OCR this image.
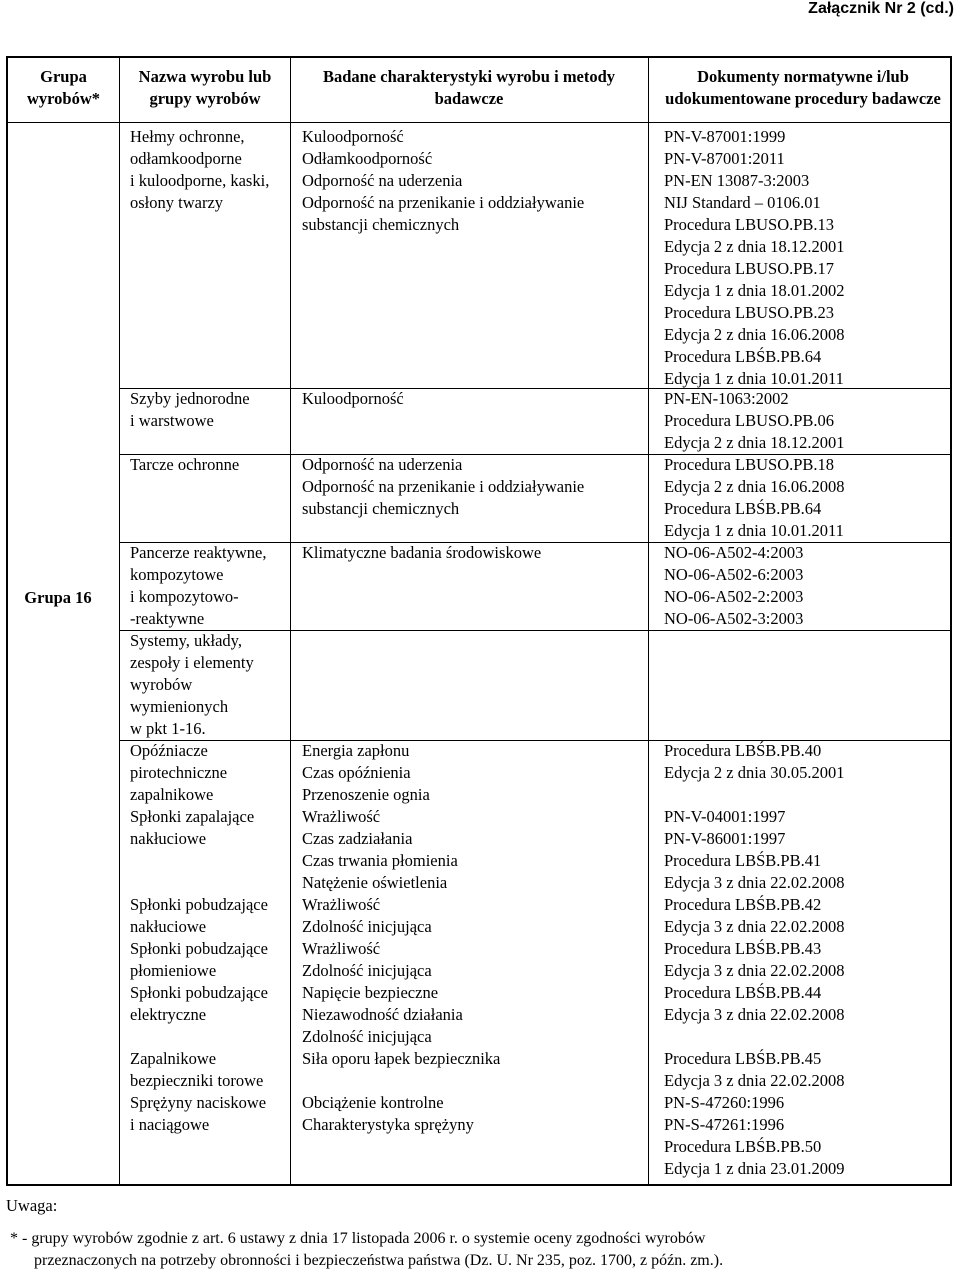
Załącznik Nr 2 (cd.)
Grupa wyrobów*
Nazwa wyrobu lub grupy wyrobów
Badane charakterystyki wyrobu i metody badawcze
Dokumenty normatywne i/lub udokumentowane procedury badawcze
Grupa 16
Hełmy ochronne,
odłamkoodporne
i kuloodporne, kaski,
osłony twarzy
Szyby jednorodne
i warstwowe
Tarcze ochronne
Pancerze reaktywne,
kompozytowe
i kompozytowo-
-reaktywne
Systemy, układy,
zespoły i elementy
wyrobów
wymienionych
w pkt 1-16.
Opóźniacze
pirotechniczne
zapalnikowe
Spłonki zapalające
nakłuciowe
Spłonki pobudzające
nakłuciowe
Spłonki pobudzające
płomieniowe
Spłonki pobudzające
elektryczne
Zapalnikowe
bezpieczniki torowe
Sprężyny naciskowe
i naciągowe
Kuloodporność
Odłamkoodporność
Odporność na uderzenia
Odporność na przenikanie i oddziaływanie
substancji chemicznych
Kuloodporność
Odporność na uderzenia
Odporność na przenikanie i oddziaływanie
substancji chemicznych
Klimatyczne badania środowiskowe
Energia zapłonu
Czas opóźnienia
Przenoszenie ognia
Wrażliwość
Czas zadziałania
Czas trwania płomienia
Natężenie oświetlenia
Wrażliwość
Zdolność inicjująca
Wrażliwość
Zdolność inicjująca
Napięcie bezpieczne
Niezawodność działania
Zdolność inicjująca
Siła oporu łapek bezpiecznika
Obciążenie kontrolne
Charakterystyka sprężyny
PN-V-87001:1999
PN-V-87001:2011
PN-EN 13087-3:2003
NIJ Standard – 0106.01
Procedura LBUSO.PB.13
Edycja 2 z dnia 18.12.2001
Procedura LBUSO.PB.17
Edycja 1 z dnia 18.01.2002
Procedura LBUSO.PB.23
Edycja 2 z dnia 16.06.2008
Procedura LBŚB.PB.64
Edycja 1 z dnia 10.01.2011
PN-EN-1063:2002
Procedura LBUSO.PB.06
Edycja 2 z dnia 18.12.2001
Procedura LBUSO.PB.18
Edycja 2 z dnia 16.06.2008
Procedura LBŚB.PB.64
Edycja 1 z dnia 10.01.2011
NO-06-A502-4:2003
NO-06-A502-6:2003
NO-06-A502-2:2003
NO-06-A502-3:2003
Procedura LBŚB.PB.40
Edycja 2 z dnia 30.05.2001
PN-V-04001:1997
PN-V-86001:1997
Procedura LBŚB.PB.41
Edycja 3 z dnia 22.02.2008
Procedura LBŚB.PB.42
Edycja 3 z dnia 22.02.2008
Procedura LBŚB.PB.43
Edycja 3 z dnia 22.02.2008
Procedura LBŚB.PB.44
Edycja 3 z dnia 22.02.2008
Procedura LBŚB.PB.45
Edycja 3 z dnia 22.02.2008
PN-S-47260:1996
PN-S-47261:1996
Procedura LBŚB.PB.50
Edycja 1 z dnia 23.01.2009
Uwaga:
* - grupy wyrobów zgodnie z art. 6 ustawy z dnia 17 listopada 2006 r. o systemie oceny zgodności wyrobów
przeznaczonych na potrzeby obronności i bezpieczeństwa państwa (Dz. U. Nr 235, poz. 1700, z późn. zm.).
